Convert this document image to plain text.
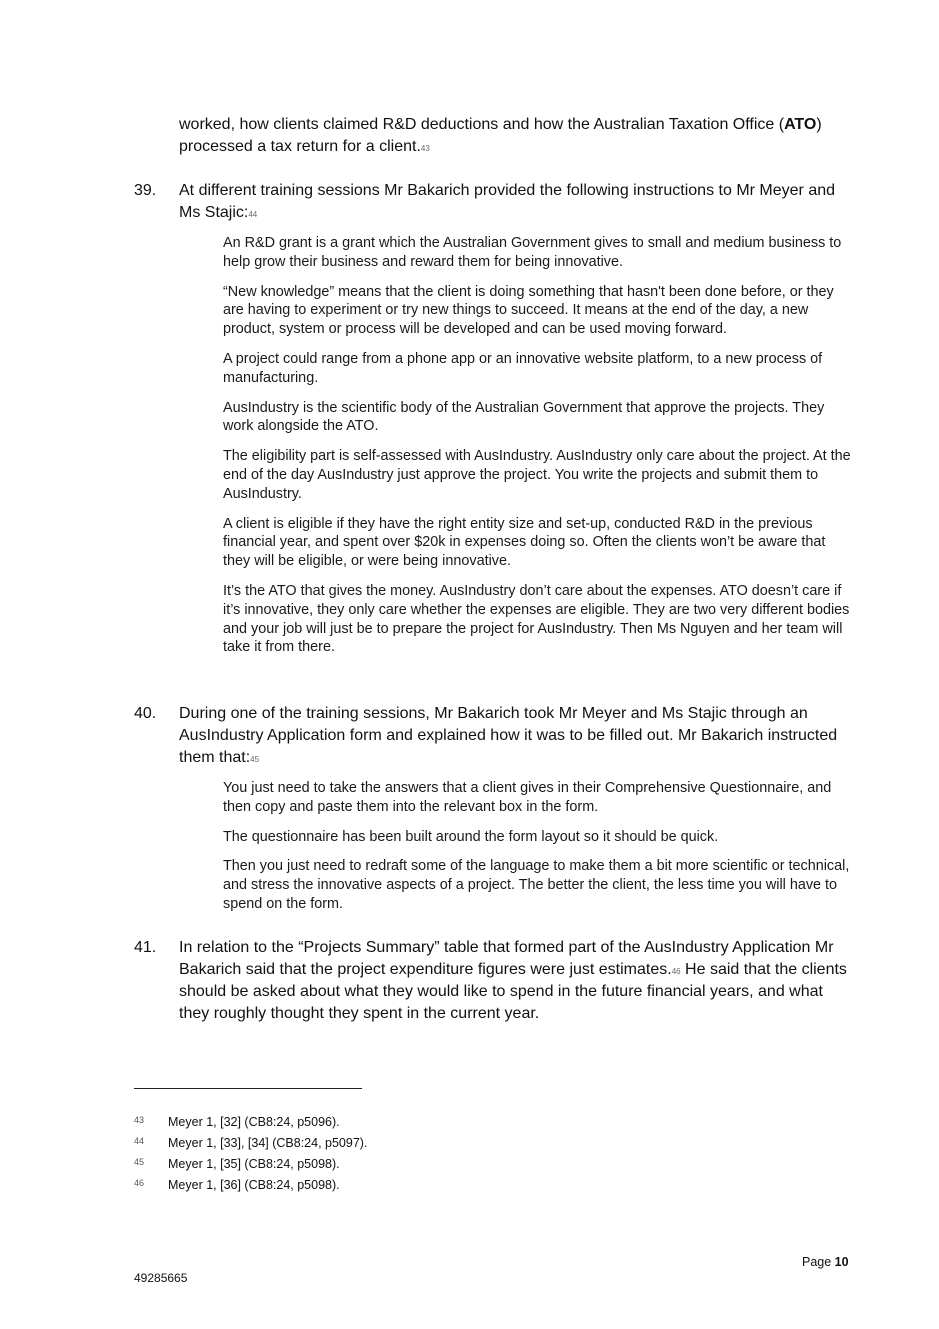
worked, how clients claimed R&D deductions and how the Australian Taxation Office (ATO) processed a tax return for a client.$^{43}$
39.	At different training sessions Mr Bakarich provided the following instructions to Mr Meyer and Ms Stajic:$^{44}$

An R&D grant is a grant which the Australian Government gives to small and medium business to help grow their business and reward them for being innovative.

“New knowledge” means that the client is doing something that hasn't been done before, or they are having to experiment or try new things to succeed. It means at the end of the day, a new product, system or process will be developed and can be used moving forward.

A project could range from a phone app or an innovative website platform, to a new process of manufacturing.

AusIndustry is the scientific body of the Australian Government that approve the projects. They work alongside the ATO.

The eligibility part is self-assessed with AusIndustry. AusIndustry only care about the project. At the end of the day AusIndustry just approve the project. You write the projects and submit them to AusIndustry.

A client is eligible if they have the right entity size and set-up, conducted R&D in the previous financial year, and spent over $20k in expenses doing so. Often the clients won’t be aware that they will be eligible, or were being innovative.

It’s the ATO that gives the money. AusIndustry don’t care about the expenses. ATO doesn’t care if it’s innovative, they only care whether the expenses are eligible. They are two very different bodies and your job will just be to prepare the project for AusIndustry. Then Ms Nguyen and her team will take it from there.

40.	During one of the training sessions, Mr Bakarich took Mr Meyer and Ms Stajic through an AusIndustry Application form and explained how it was to be filled out. Mr Bakarich instructed them that:$^{45}$

You just need to take the answers that a client gives in their Comprehensive Questionnaire, and then copy and paste them into the relevant box in the form.

The questionnaire has been built around the form layout so it should be quick.

Then you just need to redraft some of the language to make them a bit more scientific or technical, and stress the innovative aspects of a project. The better the client, the less time you will have to spend on the form.

41.	In relation to the “Projects Summary” table that formed part of the AusIndustry Application Mr Bakarich said that the project expenditure figures were just estimates.$^{46}$ He said that the clients should be asked about what they would like to spend in the future financial years, and what they roughly thought they spent in the current year.
43	Meyer 1, [32] (CB8:24, p5096).
44	Meyer 1, [33], [34] (CB8:24, p5097).
45	Meyer 1, [35] (CB8:24, p5098).
46	Meyer 1, [36] (CB8:24, p5098).
Page 10
49285665
